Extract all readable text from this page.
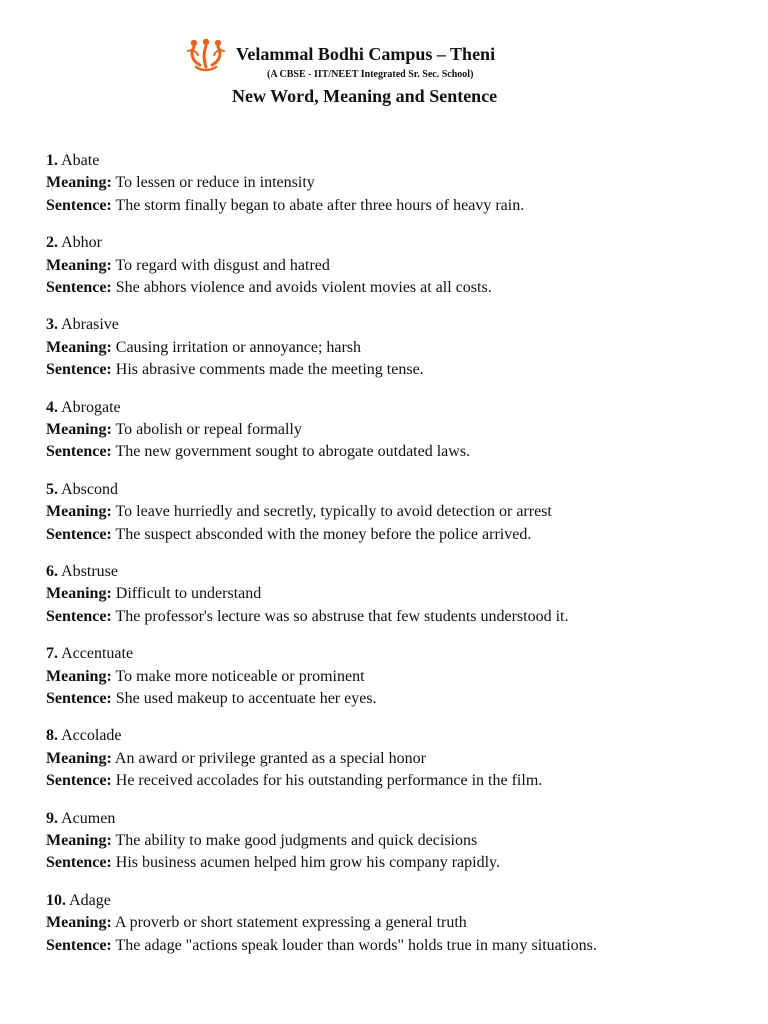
Velammal Bodhi Campus – Theni
(A CBSE - IIT/NEET Integrated Sr. Sec. School)
New Word, Meaning and Sentence
1. Abate
Meaning: To lessen or reduce in intensity
Sentence: The storm finally began to abate after three hours of heavy rain.
2. Abhor
Meaning: To regard with disgust and hatred
Sentence: She abhors violence and avoids violent movies at all costs.
3. Abrasive
Meaning: Causing irritation or annoyance; harsh
Sentence: His abrasive comments made the meeting tense.
4. Abrogate
Meaning: To abolish or repeal formally
Sentence: The new government sought to abrogate outdated laws.
5. Abscond
Meaning: To leave hurriedly and secretly, typically to avoid detection or arrest
Sentence: The suspect absconded with the money before the police arrived.
6. Abstruse
Meaning: Difficult to understand
Sentence: The professor's lecture was so abstruse that few students understood it.
7. Accentuate
Meaning: To make more noticeable or prominent
Sentence: She used makeup to accentuate her eyes.
8. Accolade
Meaning: An award or privilege granted as a special honor
Sentence: He received accolades for his outstanding performance in the film.
9. Acumen
Meaning: The ability to make good judgments and quick decisions
Sentence: His business acumen helped him grow his company rapidly.
10. Adage
Meaning: A proverb or short statement expressing a general truth
Sentence: The adage "actions speak louder than words" holds true in many situations.
